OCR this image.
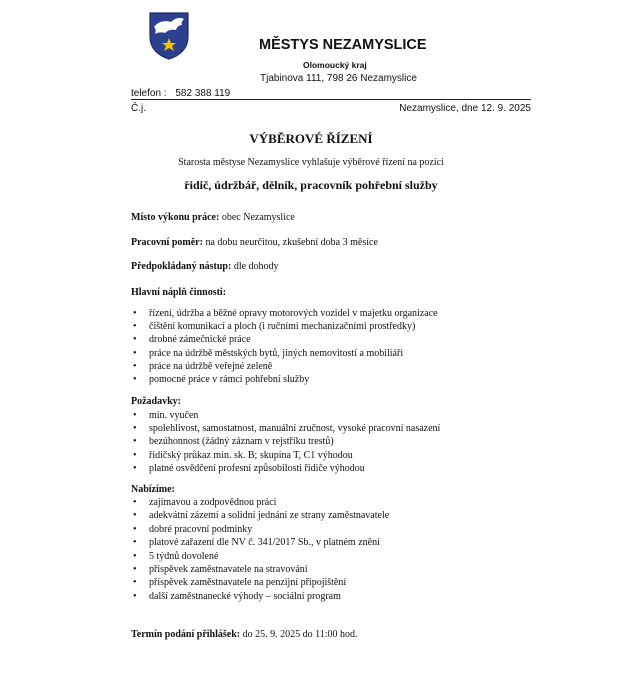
MĚSTYS NEZAMYSLICE
Olomoucký kraj
Tjabinova 111, 798 26 Nezamyslice
telefon : 582 388 119
Č.j.	Nezamyslice, dne 12. 9. 2025
VÝBĚROVÉ ŘÍZENÍ
Starosta městyse Nezamyslice vyhlašuje výběrové řízení na pozici
řidič, údržbář, dělník, pracovník pohřební služby
Místo výkonu práce: obec Nezamyslice
Pracovní poměr: na dobu neurčitou, zkušební doba 3 měsíce
Předpokládaný nástup: dle dohody
Hlavní náplň činnosti:
• řízení, údržba a běžné opravy motorových vozidel v majetku organizace
• čištění komunikací a ploch (i ručními mechanizačními prostředky)
• drobné zámečnické práce
• práce na údržbě městských bytů, jiných nemovitostí a mobiliáři
• práce na údržbě veřejné zeleně
• pomocné práce v rámci pohřební služby
Požadavky:
• min. vyučen
• spolehlivost, samostatnost, manuální zručnost, vysoké pracovní nasazení
• bezúhonnost (žádný záznam v rejstříku trestů)
• řidičský průkaz min. sk. B; skupina T, C1 výhodou
• platné osvědčení profesní způsobilosti řidiče výhodou
Nabízíme:
• zajímavou a zodpovědnou práci
• adekvátní zázemí a solidní jednání ze strany zaměstnavatele
• dobré pracovní podmínky
• platové zařazení dle NV č. 341/2017 Sb., v platném znění
• 5 týdnů dovolené
• příspěvek zaměstnavatele na stravování
• příspěvek zaměstnavatele na penzijní připojištění
• další zaměstnanecké výhody – sociální program
Termín podání přihlášek: do 25. 9. 2025 do 11:00 hod.
